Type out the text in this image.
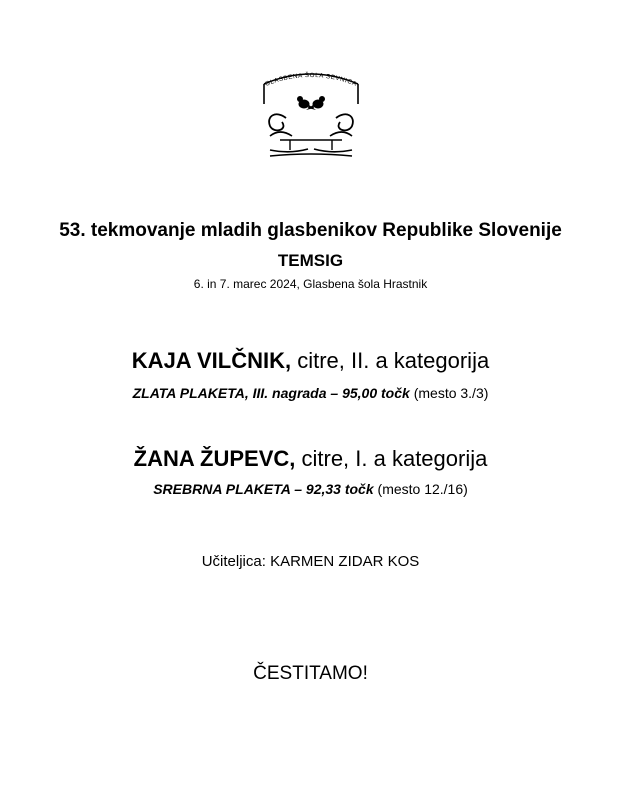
GLASBENA ŠOLA SEVNICA
53. tekmovanje mladih glasbenikov Republike Slovenije
TEMSIG
6. in 7. marec 2024, Glasbena šola Hrastnik
KAJA VILČNIK, citre, II. a kategorija
ZLATA PLAKETA, III. nagrada – 95,00 točk (mesto 3./3)
ŽANA ŽUPEVC, citre, I. a kategorija
SREBRNA PLAKETA – 92,33 točk (mesto 12./16)
Učiteljica: KARMEN ZIDAR KOS
ČESTITAMO!
